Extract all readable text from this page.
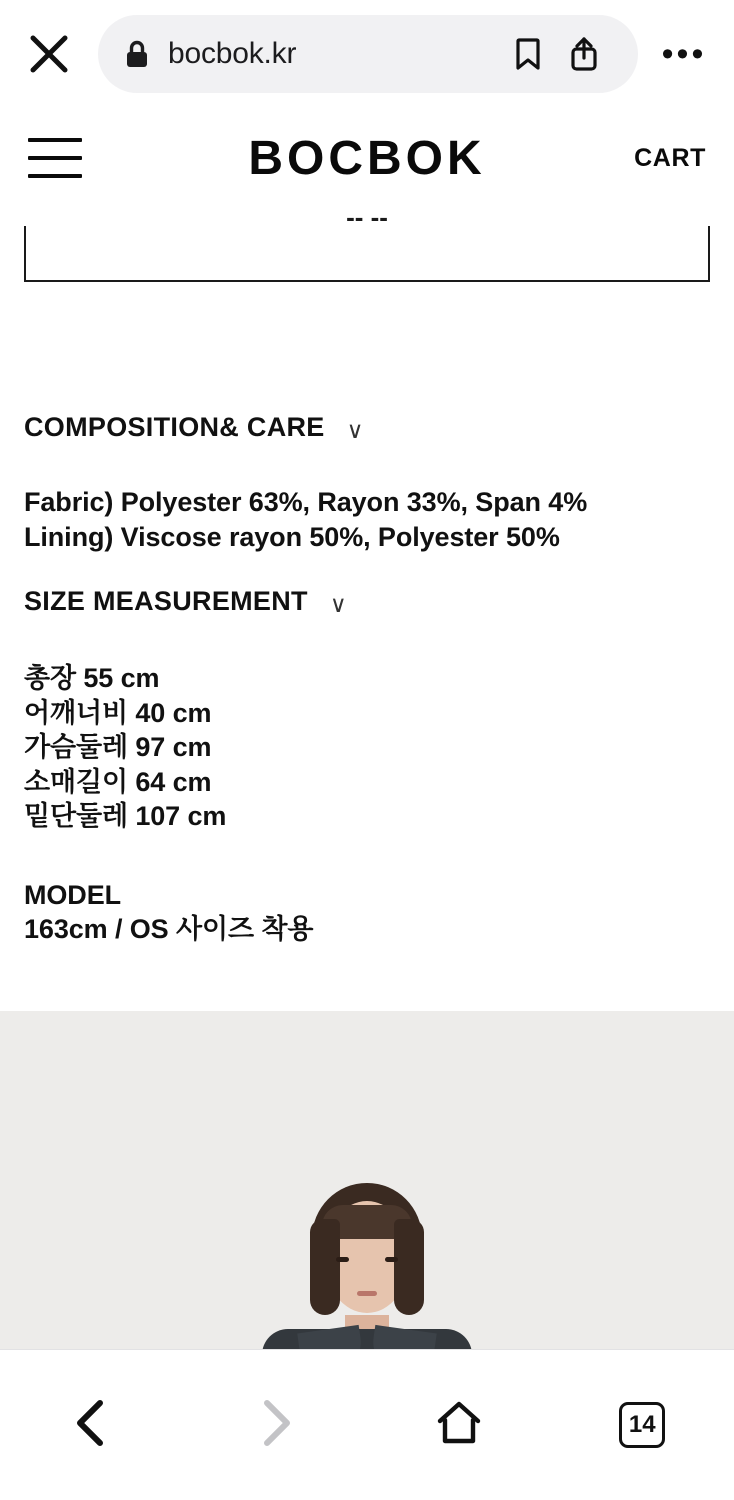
bocbok.kr	•••
BOCBOK	CART
-- --
COMPOSITION& CARE ∨
Fabric) Polyester 63%, Rayon 33%, Span 4%
Lining) Viscose rayon 50%, Polyester 50%
SIZE MEASUREMENT ∨
총장 55 cm
어깨너비 40 cm
가슴둘레 97 cm
소매길이 64 cm
밑단둘레 107 cm
MODEL
163cm / OS 사이즈 착용
14
